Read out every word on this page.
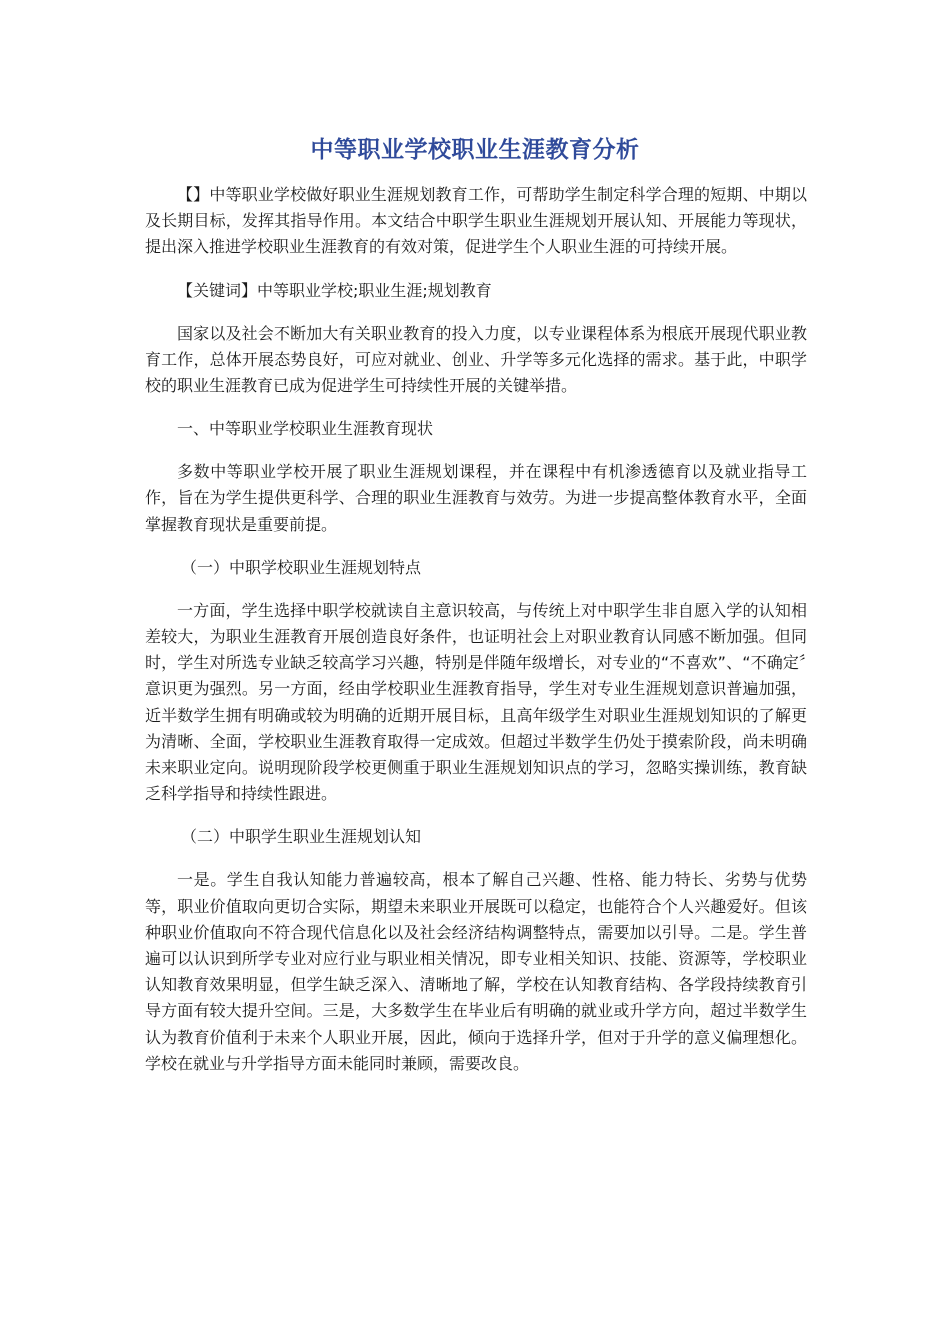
中等职业学校职业生涯教育分析

【】中等职业学校做好职业生涯规划教育工作，可帮助学生制定科学合理的短期、中期以及长期目标，发挥其指导作用。本文结合中职学生职业生涯规划开展认知、开展能力等现状，提出深入推进学校职业生涯教育的有效对策，促进学生个人职业生涯的可持续开展。

【关键词】中等职业学校;职业生涯;规划教育

国家以及社会不断加大有关职业教育的投入力度，以专业课程体系为根底开展现代职业教育工作，总体开展态势良好，可应对就业、创业、升学等多元化选择的需求。基于此，中职学校的职业生涯教育已成为促进学生可持续性开展的关键举措。

一、中等职业学校职业生涯教育现状

多数中等职业学校开展了职业生涯规划课程，并在课程中有机渗透德育以及就业指导工作，旨在为学生提供更科学、合理的职业生涯教育与效劳。为进一步提高整体教育水平，全面掌握教育现状是重要前提。

（一）中职学校职业生涯规划特点

一方面，学生选择中职学校就读自主意识较高，与传统上对中职学生非自愿入学的认知相差较大，为职业生涯教育开展创造良好条件，也证明社会上对职业教育认同感不断加强。但同时，学生对所选专业缺乏较高学习兴趣，特别是伴随年级增长，对专业的“不喜欢”、“不确定〞意识更为强烈。另一方面，经由学校职业生涯教育指导，学生对专业生涯规划意识普遍加强，近半数学生拥有明确或较为明确的近期开展目标，且高年级学生对职业生涯规划知识的了解更为清晰、全面，学校职业生涯教育取得一定成效。但超过半数学生仍处于摸索阶段，尚未明确未来职业定向。说明现阶段学校更侧重于职业生涯规划知识点的学习，忽略实操训练，教育缺乏科学指导和持续性跟进。

（二）中职学生职业生涯规划认知

一是。学生自我认知能力普遍较高，根本了解自己兴趣、性格、能力特长、劣势与优势等，职业价值取向更切合实际，期望未来职业开展既可以稳定，也能符合个人兴趣爱好。但该种职业价值取向不符合现代信息化以及社会经济结构调整特点，需要加以引导。二是。学生普遍可以认识到所学专业对应行业与职业相关情况，即专业相关知识、技能、资源等，学校职业认知教育效果明显，但学生缺乏深入、清晰地了解，学校在认知教育结构、各学段持续教育引导方面有较大提升空间。三是，大多数学生在毕业后有明确的就业或升学方向，超过半数学生认为教育价值利于未来个人职业开展，因此，倾向于选择升学，但对于升学的意义偏理想化。学校在就业与升学指导方面未能同时兼顾，需要改良。
